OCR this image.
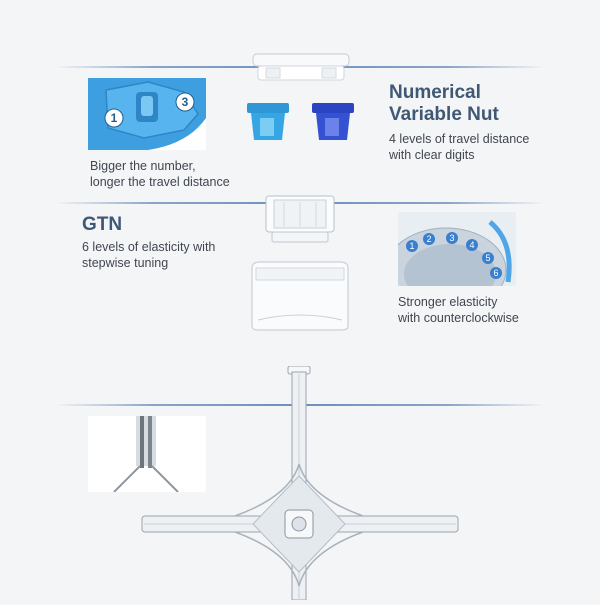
1
3
Bigger the number,
longer the travel distance
Numerical
Variable Nut
4 levels of travel distance
with clear digits
GTN
6 levels of elasticity with
stepwise tuning
1
2	3
4
5
6
Stronger elasticity
with counterclockwise
